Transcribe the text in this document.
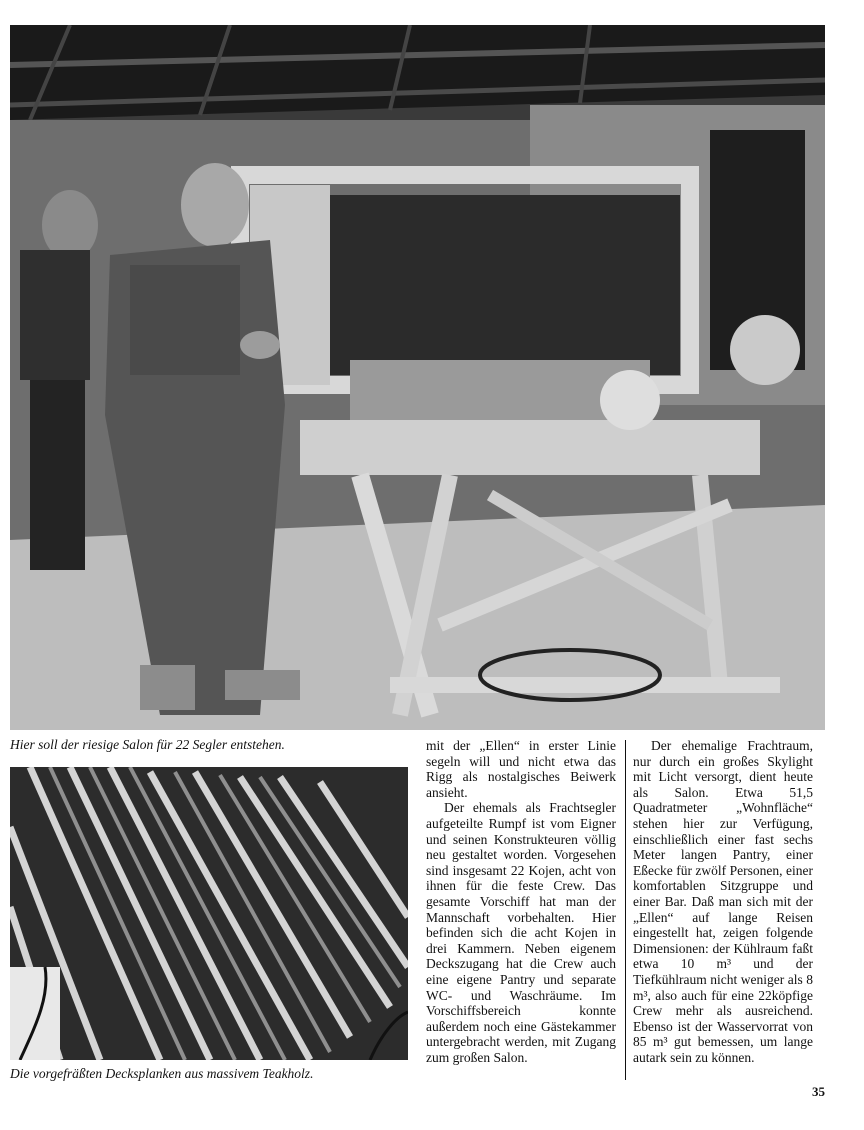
Hier soll der riesige Salon für 22 Segler entstehen.
Die vorgefräßten Decksplanken aus massivem Teakholz.

mit der „Ellen“ in erster Linie segeln will und nicht etwa das Rigg als nostalgisches Beiwerk ansieht.

Der ehemals als Frachtsegler aufgeteilte Rumpf ist vom Eigner und seinen Konstrukteuren völlig neu gestaltet worden. Vorgesehen sind insgesamt 22 Kojen, acht von ihnen für die feste Crew. Das gesamte Vorschiff hat man der Mannschaft vorbehalten. Hier befinden sich die acht Kojen in drei Kammern. Neben eigenem Deckszugang hat die Crew auch eine eigene Pantry und separate WC- und Waschräume. Im Vorschiffsbereich konnte außerdem noch eine Gästekammer untergebracht werden, mit Zugang zum großen Salon.

Der ehemalige Frachtraum, nur durch ein großes Skylight mit Licht versorgt, dient heute als Salon. Etwa 51,5 Quadratmeter „Wohnfläche“ stehen hier zur Verfügung, einschließlich einer fast sechs Meter langen Pantry, einer Eßecke für zwölf Personen, einer komfortablen Sitzgruppe und einer Bar. Daß man sich mit der „Ellen“ auf lange Reisen eingestellt hat, zeigen folgende Dimensionen: der Kühlraum faßt etwa 10 m³ und der Tiefkühlraum nicht weniger als 8 m³, also auch für eine 22köpfige Crew mehr als ausreichend. Ebenso ist der Wasservorrat von 85 m³ gut bemessen, um lange autark sein zu können.

35
